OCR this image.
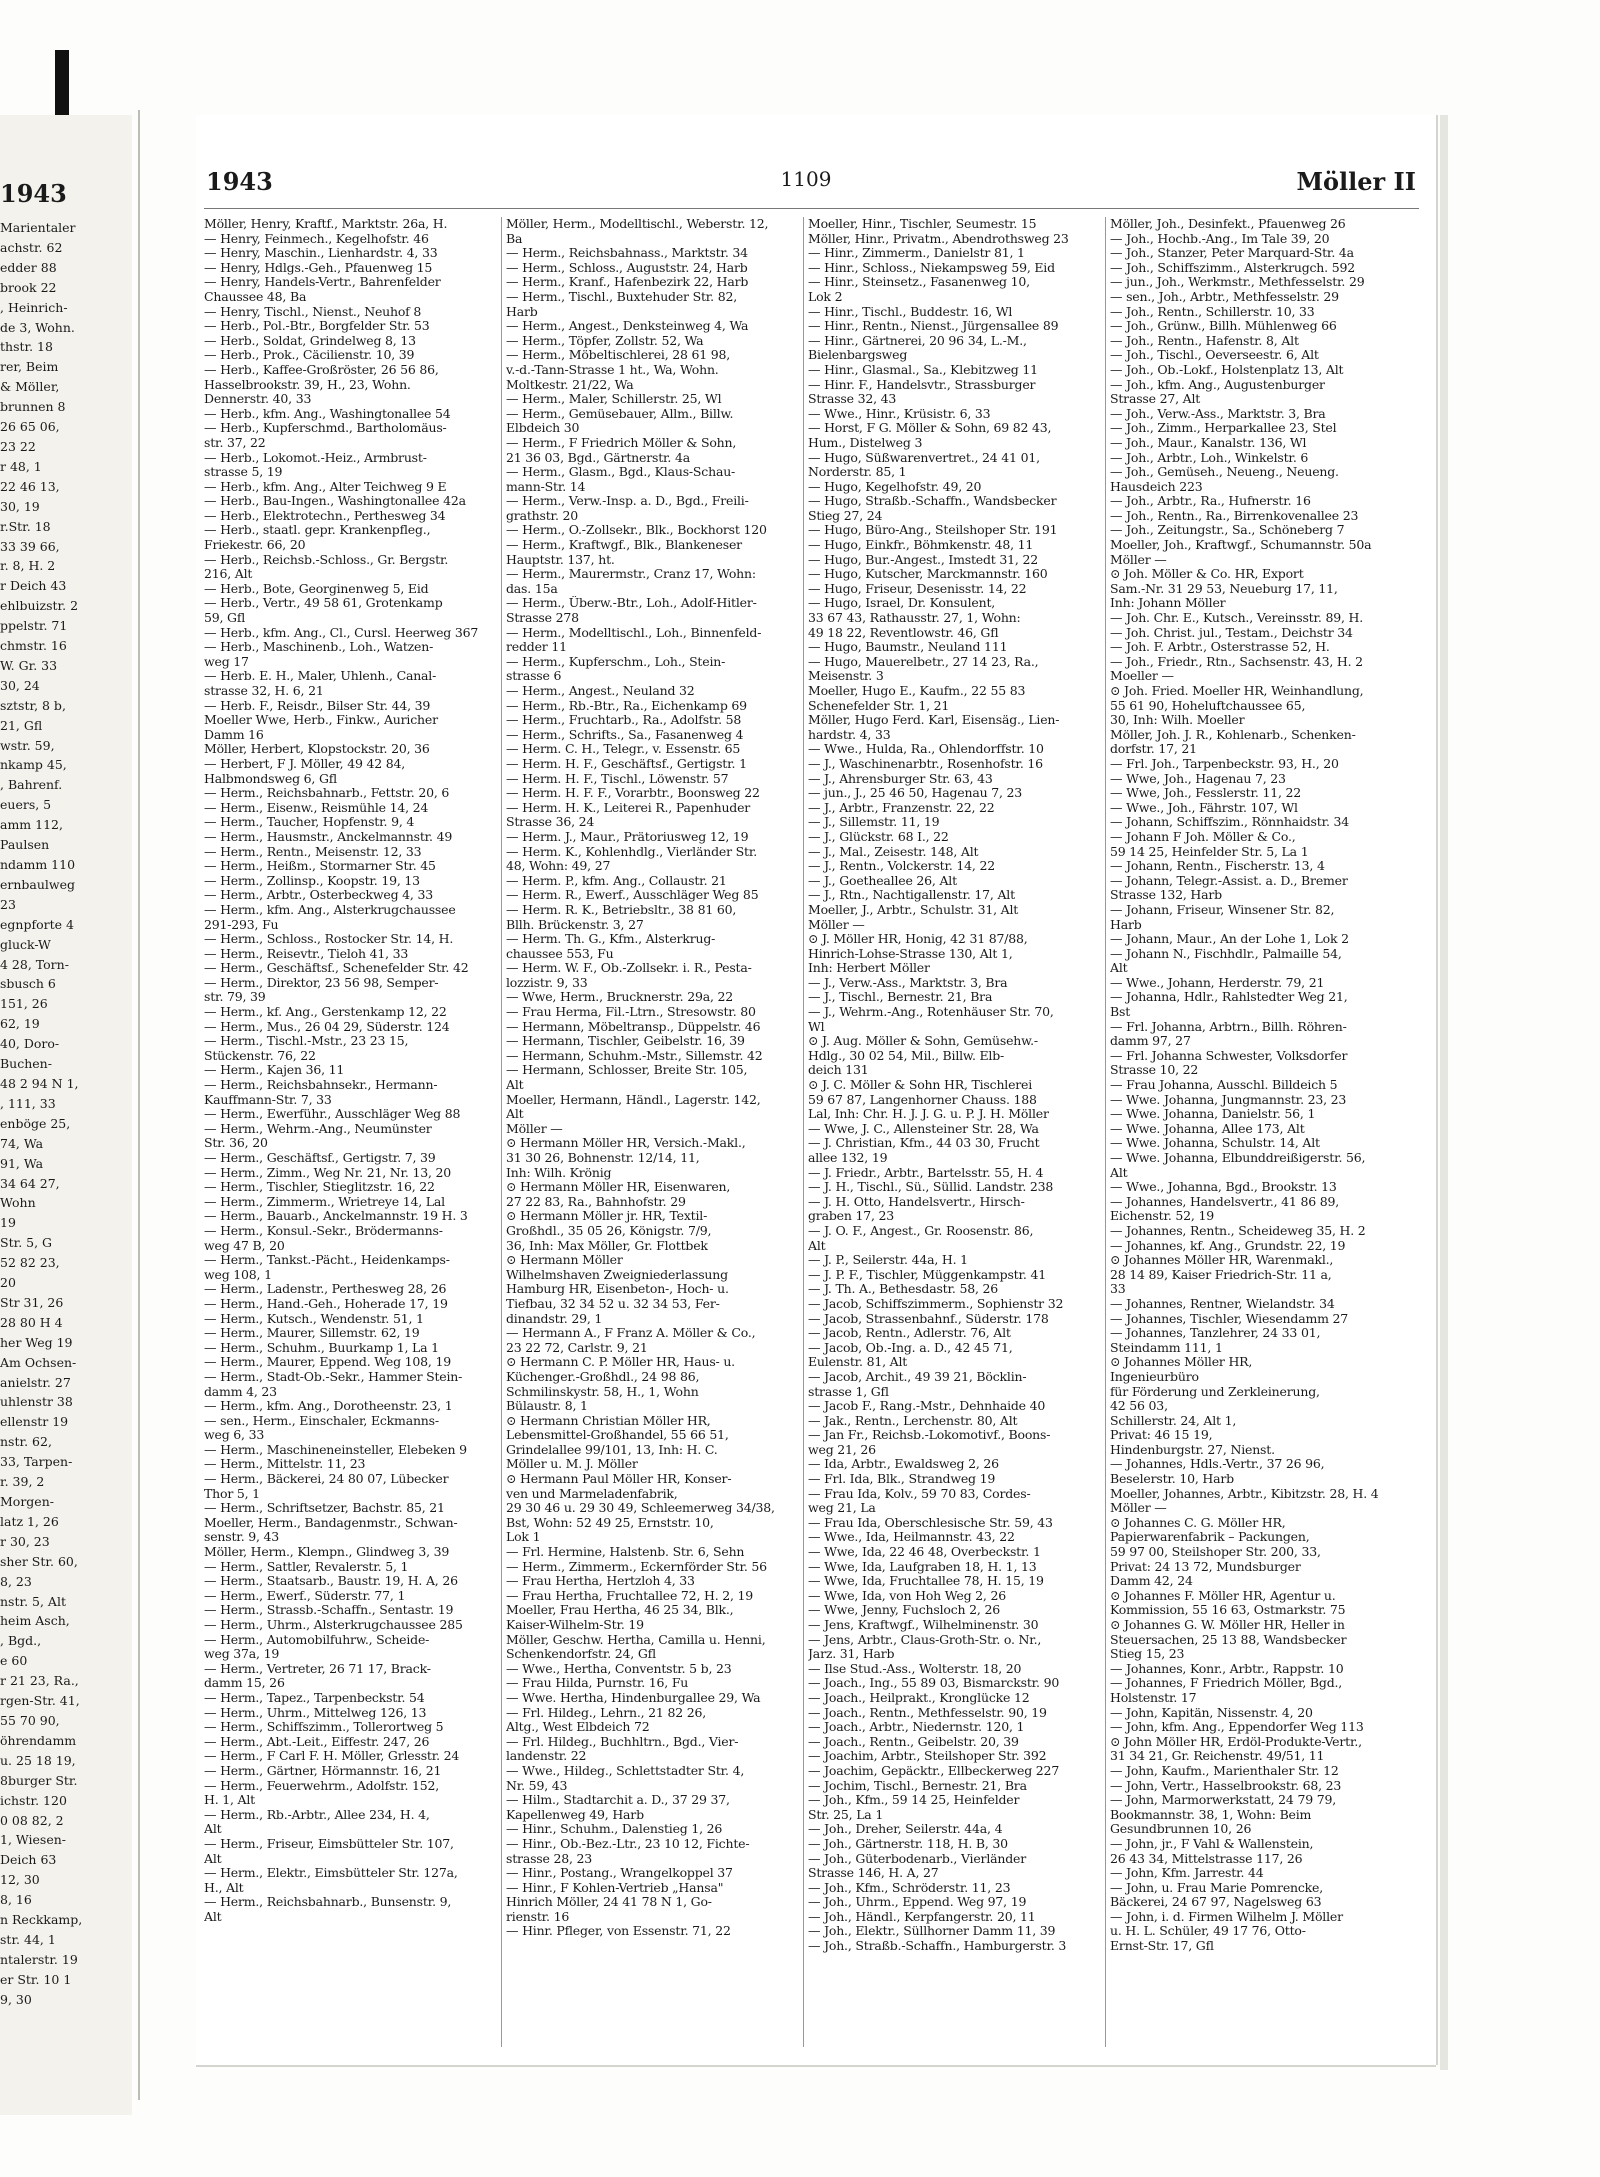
1943
Marientaler
achstr. 62
edder 88
brook 22
, Heinrich-
de 3, Wohn.
thstr. 18
rer, Beim
& Möller,
brunnen 8
26 65 06,
23 22
r 48, 1
22 46 13,
30, 19
r.Str. 18
33 39 66,
r. 8, H. 2
r Deich 43
ehlbuizstr. 2
ppelstr. 71
chmstr. 16
W. Gr. 33
30, 24
sztstr, 8 b,
21, Gfl
wstr. 59,
nkamp 45,
, Bahrenf.
euers, 5
amm 112,
Paulsen
ndamm 110
ernbaulweg
23
egnpforte 4
gluck-W
4 28, Torn-
sbusch 6
151, 26
62, 19
40, Doro-
Buchen-
48 2 94 N 1,
, 111, 33
enböge 25,
74, Wa
91, Wa
34 64 27,
Wohn
19
Str. 5, G
52 82 23,
20
Str 31, 26
28 80 H 4
her Weg 19
Am Ochsen-
anielstr. 27
uhlenstr 38
ellenstr 19
nstr. 62,
33, Tarpen-
r. 39, 2
Morgen-
latz 1, 26
r 30, 23
sher Str. 60,
8, 23
nstr. 5, Alt
heim Asch,
, Bgd.,
e 60
r 21 23, Ra.,
rgen-Str. 41,
55 70 90,
öhrendamm
u. 25 18 19,
8burger Str.
ichstr. 120
0 08 82, 2
1, Wiesen-
Deich 63
12, 30
8, 16
n Reckkamp,
str. 44, 1
ntalerstr. 19
er Str. 10 1
9, 30
1943	1109	Möller II
Möller, Henry, Kraftf., Marktstr. 26a, H.
— Henry, Feinmech., Kegelhofstr. 46
— Henry, Maschin., Lienhardstr. 4, 33
— Henry, Hdlgs.-Geh., Pfauenweg 15
— Henry, Handels-Vertr., Bahrenfelder
Chaussee 48, Ba
— Henry, Tischl., Nienst., Neuhof 8
— Herb., Pol.-Btr., Borgfelder Str. 53
— Herb., Soldat, Grindelweg 8, 13
— Herb., Prok., Cäcilienstr. 10, 39
— Herb., Kaffee-Großröster, 26 56 86,
Hasselbrookstr. 39, H., 23, Wohn.
Dennerstr. 40, 33
— Herb., kfm. Ang., Washingtonallee 54
— Herb., Kupferschmd., Bartholomäus-
str. 37, 22
— Herb., Lokomot.-Heiz., Armbrust-
strasse 5, 19
— Herb., kfm. Ang., Alter Teichweg 9 E
— Herb., Bau-Ingen., Washingtonallee 42a
— Herb., Elektrotechn., Perthesweg 34
— Herb., staatl. gepr. Krankenpfleg.,
Friekestr. 66, 20
— Herb., Reichsb.-Schloss., Gr. Bergstr.
216, Alt
— Herb., Bote, Georginenweg 5, Eid
— Herb., Vertr., 49 58 61, Grotenkamp
59, Gfl
— Herb., kfm. Ang., Cl., Cursl. Heerweg 367
— Herb., Maschinenb., Loh., Watzen-
weg 17
— Herb. E. H., Maler, Uhlenh., Canal-
strasse 32, H. 6, 21
— Herb. F., Reisdr., Bilser Str. 44, 39
Moeller Wwe, Herb., Finkw., Auricher
Damm 16
Möller, Herbert, Klopstockstr. 20, 36
— Herbert, F J. Möller, 49 42 84,
Halbmondsweg 6, Gfl
— Herm., Reichsbahnarb., Fettstr. 20, 6
— Herm., Eisenw., Reismühle 14, 24
— Herm., Taucher, Hopfenstr. 9, 4
— Herm., Hausmstr., Anckelmannstr. 49
— Herm., Rentn., Meisenstr. 12, 33
— Herm., Heißm., Stormarner Str. 45
— Herm., Zollinsp., Koopstr. 19, 13
— Herm., Arbtr., Osterbeckweg 4, 33
— Herm., kfm. Ang., Alsterkrugchaussee
291-293, Fu
— Herm., Schloss., Rostocker Str. 14, H.
— Herm., Reisevtr., Tieloh 41, 33
— Herm., Geschäftsf., Schenefelder Str. 42
— Herm., Direktor, 23 56 98, Semper-
str. 79, 39
— Herm., kf. Ang., Gerstenkamp 12, 22
— Herm., Mus., 26 04 29, Süderstr. 124
— Herm., Tischl.-Mstr., 23 23 15,
Stückenstr. 76, 22
— Herm., Kajen 36, 11
— Herm., Reichsbahnsekr., Hermann-
Kauffmann-Str. 7, 33
— Herm., Ewerführ., Ausschläger Weg 88
— Herm., Wehrm.-Ang., Neumünster
Str. 36, 20
— Herm., Geschäftsf., Gertigstr. 7, 39
— Herm., Zimm., Weg Nr. 21, Nr. 13, 20
— Herm., Tischler, Stieglitzstr. 16, 22
— Herm., Zimmerm., Wrietreye 14, Lal
— Herm., Bauarb., Anckelmannstr. 19 H. 3
— Herm., Konsul.-Sekr., Brödermanns-
weg 47 B, 20
— Herm., Tankst.-Pächt., Heidenkamps-
weg 108, 1
— Herm., Ladenstr., Perthesweg 28, 26
— Herm., Hand.-Geh., Hoherade 17, 19
— Herm., Kutsch., Wendenstr. 51, 1
— Herm., Maurer, Sillemstr. 62, 19
— Herm., Schuhm., Buurkamp 1, La 1
— Herm., Maurer, Eppend. Weg 108, 19
— Herm., Stadt-Ob.-Sekr., Hammer Stein-
damm 4, 23
— Herm., kfm. Ang., Dorotheenstr. 23, 1
— sen., Herm., Einschaler, Eckmanns-
weg 6, 33
— Herm., Maschineneinsteller, Elebeken 9
— Herm., Mittelstr. 11, 23
— Herm., Bäckerei, 24 80 07, Lübecker
Thor 5, 1
— Herm., Schriftsetzer, Bachstr. 85, 21
Moeller, Herm., Bandagenmstr., Schwan-
senstr. 9, 43
Möller, Herm., Klempn., Glindweg 3, 39
— Herm., Sattler, Revalerstr. 5, 1
— Herm., Staatsarb., Baustr. 19, H. A, 26
— Herm., Ewerf., Süderstr. 77, 1
— Herm., Strassb.-Schaffn., Sentastr. 19
— Herm., Uhrm., Alsterkrugchaussee 285
— Herm., Automobilfuhrw., Scheide-
weg 37a, 19
— Herm., Vertreter, 26 71 17, Brack-
damm 15, 26
— Herm., Tapez., Tarpenbeckstr. 54
— Herm., Uhrm., Mittelweg 126, 13
— Herm., Schiffszimm., Tollerortweg 5
— Herm., Abt.-Leit., Eiffestr. 247, 26
— Herm., F Carl F. H. Möller, Grlesstr. 24
— Herm., Gärtner, Hörmannstr. 16, 21
— Herm., Feuerwehrm., Adolfstr. 152,
H. 1, Alt
— Herm., Rb.-Arbtr., Allee 234, H. 4,
Alt
— Herm., Friseur, Eimsbütteler Str. 107,
Alt
— Herm., Elektr., Eimsbütteler Str. 127a,
H., Alt
— Herm., Reichsbahnarb., Bunsenstr. 9,
Alt
Möller, Herm., Modelltischl., Weberstr. 12,
Ba
— Herm., Reichsbahnass., Marktstr. 34
— Herm., Schloss., Auguststr. 24, Harb
— Herm., Kranf., Hafenbezirk 22, Harb
— Herm., Tischl., Buxtehuder Str. 82,
Harb
— Herm., Angest., Denksteinweg 4, Wa
— Herm., Töpfer, Zollstr. 52, Wa
— Herm., Möbeltischlerei, 28 61 98,
v.-d.-Tann-Strasse 1 ht., Wa, Wohn.
Moltkestr. 21/22, Wa
— Herm., Maler, Schillerstr. 25, Wl
— Herm., Gemüsebauer, Allm., Billw.
Elbdeich 30
— Herm., F Friedrich Möller & Sohn,
21 36 03, Bgd., Gärtnerstr. 4a
— Herm., Glasm., Bgd., Klaus-Schau-
mann-Str. 14
— Herm., Verw.-Insp. a. D., Bgd., Freili-
grathstr. 20
— Herm., O.-Zollsekr., Blk., Bockhorst 120
— Herm., Kraftwgf., Blk., Blankeneser
Hauptstr. 137, ht.
— Herm., Maurermstr., Cranz 17, Wohn:
das. 15a
— Herm., Überw.-Btr., Loh., Adolf-Hitler-
Strasse 278
— Herm., Modelltischl., Loh., Binnenfeld-
redder 11
— Herm., Kupferschm., Loh., Stein-
strasse 6
— Herm., Angest., Neuland 32
— Herm., Rb.-Btr., Ra., Eichenkamp 69
— Herm., Fruchtarb., Ra., Adolfstr. 58
— Herm., Schrifts., Sa., Fasanenweg 4
— Herm. C. H., Telegr., v. Essenstr. 65
— Herm. H. F., Geschäftsf., Gertigstr. 1
— Herm. H. F., Tischl., Löwenstr. 57
— Herm. H. F. F., Vorarbtr., Boonsweg 22
— Herm. H. K., Leiterei R., Papenhuder
Strasse 36, 24
— Herm. J., Maur., Prätoriusweg 12, 19
— Herm. K., Kohlenhdlg., Vierländer Str.
48, Wohn: 49, 27
— Herm. P., kfm. Ang., Collaustr. 21
— Herm. R., Ewerf., Ausschläger Weg 85
— Herm. R. K., Betriebsltr., 38 81 60,
Bllh. Brückenstr. 3, 27
— Herm. Th. G., Kfm., Alsterkrug-
chaussee 553, Fu
— Herm. W. F., Ob.-Zollsekr. i. R., Pesta-
lozzistr. 9, 33
— Wwe, Herm., Brucknerstr. 29a, 22
— Frau Herma, Fil.-Ltrn., Stresowstr. 80
— Hermann, Möbeltransp., Düppelstr. 46
— Hermann, Tischler, Geibelstr. 16, 39
— Hermann, Schuhm.-Mstr., Sillemstr. 42
— Hermann, Schlosser, Breite Str. 105,
Alt
Moeller, Hermann, Händl., Lagerstr. 142,
Alt
Möller —
⊙ Hermann Möller HR, Versich.-Makl.,
31 30 26, Bohnenstr. 12/14, 11,
Inh: Wilh. Krönig
⊙ Hermann Möller HR, Eisenwaren,
27 22 83, Ra., Bahnhofstr. 29
⊙ Hermann Möller jr. HR, Textil-
Großhdl., 35 05 26, Königstr. 7/9,
36, Inh: Max Möller, Gr. Flottbek
⊙ Hermann Möller
Wilhelmshaven Zweigniederlassung
Hamburg HR, Eisenbeton-, Hoch- u.
Tiefbau, 32 34 52 u. 32 34 53, Fer-
dinandstr. 29, 1
— Hermann A., F Franz A. Möller & Co.,
23 22 72, Carlstr. 9, 21
⊙ Hermann C. P. Möller HR, Haus- u.
Küchenger.-Großhdl., 24 98 86,
Schmilinskystr. 58, H., 1, Wohn
Bülaustr. 8, 1
⊙ Hermann Christian Möller HR,
Lebensmittel-Großhandel, 55 66 51,
Grindelallee 99/101, 13, Inh: H. C.
Möller u. M. J. Möller
⊙ Hermann Paul Möller HR, Konser-
ven und Marmeladenfabrik,
29 30 46 u. 29 30 49, Schleemerweg 34/38,
Bst, Wohn: 52 49 25, Ernststr. 10,
Lok 1
— Frl. Hermine, Halstenb. Str. 6, Sehn
— Herm., Zimmerm., Eckernförder Str. 56
— Frau Hertha, Hertzloh 4, 33
— Frau Hertha, Fruchtallee 72, H. 2, 19
Moeller, Frau Hertha, 46 25 34, Blk.,
Kaiser-Wilhelm-Str. 19
Möller, Geschw. Hertha, Camilla u. Henni,
Schenkendorfstr. 24, Gfl
— Wwe., Hertha, Conventstr. 5 b, 23
— Frau Hilda, Purnstr. 16, Fu
— Wwe. Hertha, Hindenburgallee 29, Wa
— Frl. Hildeg., Lehrn., 21 82 26,
Altg., West Elbdeich 72
— Frl. Hildeg., Buchhltrn., Bgd., Vier-
landenstr. 22
— Wwe., Hildeg., Schlettstadter Str. 4,
Nr. 59, 43
— Hilm., Stadtarchit a. D., 37 29 37,
Kapellenweg 49, Harb
— Hinr., Schuhm., Dalenstieg 1, 26
— Hinr., Ob.-Bez.-Ltr., 23 10 12, Fichte-
strasse 28, 23
— Hinr., Postang., Wrangelkoppel 37
— Hinr., F Kohlen-Vertrieb „Hansa"
Hinrich Möller, 24 41 78 N 1, Go-
rienstr. 16
— Hinr. Pfleger, von Essenstr. 71, 22
Moeller, Hinr., Tischler, Seumestr. 15
Möller, Hinr., Privatm., Abendrothsweg 23
— Hinr., Zimmerm., Danielstr 81, 1
— Hinr., Schloss., Niekampsweg 59, Eid
— Hinr., Steinsetz., Fasanenweg 10,
Lok 2
— Hinr., Tischl., Buddestr. 16, Wl
— Hinr., Rentn., Nienst., Jürgensallee 89
— Hinr., Gärtnerei, 20 96 34, L.-M.,
Bielenbargsweg
— Hinr., Glasmal., Sa., Klebitzweg 11
— Hinr. F., Handelsvtr., Strassburger
Strasse 32, 43
— Wwe., Hinr., Krüsistr. 6, 33
— Horst, F G. Möller & Sohn, 69 82 43,
Hum., Distelweg 3
— Hugo, Süßwarenvertret., 24 41 01,
Norderstr. 85, 1
— Hugo, Kegelhofstr. 49, 20
— Hugo, Straßb.-Schaffn., Wandsbecker
Stieg 27, 24
— Hugo, Büro-Ang., Steilshoper Str. 191
— Hugo, Einkfr., Böhmkenstr. 48, 11
— Hugo, Bur.-Angest., Imstedt 31, 22
— Hugo, Kutscher, Marckmannstr. 160
— Hugo, Friseur, Desenisstr. 14, 22
— Hugo, Israel, Dr. Konsulent,
33 67 43, Rathausstr. 27, 1, Wohn:
49 18 22, Reventlowstr. 46, Gfl
— Hugo, Baumstr., Neuland 111
— Hugo, Mauerelbetr., 27 14 23, Ra.,
Meisenstr. 3
Moeller, Hugo E., Kaufm., 22 55 83
Schenefelder Str. 1, 21
Möller, Hugo Ferd. Karl, Eisensäg., Lien-
hardstr. 4, 33
— Wwe., Hulda, Ra., Ohlendorffstr. 10
— J., Waschinenarbtr., Rosenhofstr. 16
— J., Ahrensburger Str. 63, 43
— jun., J., 25 46 50, Hagenau 7, 23
— J., Arbtr., Franzenstr. 22, 22
— J., Sillemstr. 11, 19
— J., Glückstr. 68 I., 22
— J., Mal., Zeisestr. 148, Alt
— J., Rentn., Volckerstr. 14, 22
— J., Goetheallee 26, Alt
— J., Rtn., Nachtigallenstr. 17, Alt
Moeller, J., Arbtr., Schulstr. 31, Alt
Möller —
⊙ J. Möller HR, Honig, 42 31 87/88,
Hinrich-Lohse-Strasse 130, Alt 1,
Inh: Herbert Möller
— J., Verw.-Ass., Marktstr. 3, Bra
— J., Tischl., Bernestr. 21, Bra
— J., Wehrm.-Ang., Rotenhäuser Str. 70,
Wl
⊙ J. Aug. Möller & Sohn, Gemüsehw.-
Hdlg., 30 02 54, Mil., Billw. Elb-
deich 131
⊙ J. C. Möller & Sohn HR, Tischlerei
59 67 87, Langenhorner Chauss. 188
Lal, Inh: Chr. H. J. J. G. u. P. J. H. Möller
— Wwe, J. C., Allensteiner Str. 28, Wa
— J. Christian, Kfm., 44 03 30, Frucht
allee 132, 19
— J. Friedr., Arbtr., Bartelsstr. 55, H. 4
— J. H., Tischl., Sü., Süllid. Landstr. 238
— J. H. Otto, Handelsvertr., Hirsch-
graben 17, 23
— J. O. F., Angest., Gr. Roosenstr. 86,
Alt
— J. P., Seilerstr. 44a, H. 1
— J. P. F., Tischler, Müggenkampstr. 41
— J. Th. A., Bethesdastr. 58, 26
— Jacob, Schiffszimmerm., Sophienstr 32
— Jacob, Strassenbahnf., Süderstr. 178
— Jacob, Rentn., Adlerstr. 76, Alt
— Jacob, Ob.-Ing. a. D., 42 45 71,
Eulenstr. 81, Alt
— Jacob, Archit., 49 39 21, Böcklin-
strasse 1, Gfl
— Jacob F., Rang.-Mstr., Dehnhaide 40
— Jak., Rentn., Lerchenstr. 80, Alt
— Jan Fr., Reichsb.-Lokomotivf., Boons-
weg 21, 26
— Ida, Arbtr., Ewaldsweg 2, 26
— Frl. Ida, Blk., Strandweg 19
— Frau Ida, Kolv., 59 70 83, Cordes-
weg 21, La
— Frau Ida, Oberschlesische Str. 59, 43
— Wwe., Ida, Heilmannstr. 43, 22
— Wwe, Ida, 22 46 48, Overbeckstr. 1
— Wwe, Ida, Laufgraben 18, H. 1, 13
— Wwe, Ida, Fruchtallee 78, H. 15, 19
— Wwe, Ida, von Hoh Weg 2, 26
— Wwe, Jenny, Fuchsloch 2, 26
— Jens, Kraftwgf., Wilhelminenstr. 30
— Jens, Arbtr., Claus-Groth-Str. o. Nr.,
Jarz. 31, Harb
— Ilse Stud.-Ass., Wolterstr. 18, 20
— Joach., Ing., 55 89 03, Bismarckstr. 90
— Joach., Heilprakt., Kronglücke 12
— Joach., Rentn., Methfesselstr. 90, 19
— Joach., Arbtr., Niedernstr. 120, 1
— Joach., Rentn., Geibelstr. 20, 39
— Joachim, Arbtr., Steilshoper Str. 392
— Joachim, Gepäcktr., Ellbeckerweg 227
— Jochim, Tischl., Bernestr. 21, Bra
— Joh., Kfm., 59 14 25, Heinfelder
Str. 25, La 1
— Joh., Dreher, Seilerstr. 44a, 4
— Joh., Gärtnerstr. 118, H. B, 30
— Joh., Güterbodenarb., Vierländer
Strasse 146, H. A, 27
— Joh., Kfm., Schröderstr. 11, 23
— Joh., Uhrm., Eppend. Weg 97, 19
— Joh., Händl., Kerpfangerstr. 20, 11
— Joh., Elektr., Süllhorner Damm 11, 39
— Joh., Straßb.-Schaffn., Hamburgerstr. 3
Möller, Joh., Desinfekt., Pfauenweg 26
— Joh., Hochb.-Ang., Im Tale 39, 20
— Joh., Stanzer, Peter Marquard-Str. 4a
— Joh., Schiffszimm., Alsterkrugch. 592
— jun., Joh., Werkmstr., Methfesselstr. 29
— sen., Joh., Arbtr., Methfesselstr. 29
— Joh., Rentn., Schillerstr. 10, 33
— Joh., Grünw., Billh. Mühlenweg 66
— Joh., Rentn., Hafenstr. 8, Alt
— Joh., Tischl., Oeverseestr. 6, Alt
— Joh., Ob.-Lokf., Holstenplatz 13, Alt
— Joh., kfm. Ang., Augustenburger
Strasse 27, Alt
— Joh., Verw.-Ass., Marktstr. 3, Bra
— Joh., Zimm., Herparkallee 23, Stel
— Joh., Maur., Kanalstr. 136, Wl
— Joh., Arbtr., Loh., Winkelstr. 6
— Joh., Gemüseh., Neueng., Neueng.
Hausdeich 223
— Joh., Arbtr., Ra., Hufnerstr. 16
— Joh., Rentn., Ra., Birrenkovenallee 23
— Joh., Zeitungstr., Sa., Schöneberg 7
Moeller, Joh., Kraftwgf., Schumannstr. 50a
Möller —
⊙ Joh. Möller & Co. HR, Export
Sam.-Nr. 31 29 53, Neueburg 17, 11,
Inh: Johann Möller
— Joh. Chr. E., Kutsch., Vereinsstr. 89, H.
— Joh. Christ. jul., Testam., Deichstr 34
— Joh. F. Arbtr., Osterstrasse 52, H.
— Joh., Friedr., Rtn., Sachsenstr. 43, H. 2
Moeller —
⊙ Joh. Fried. Moeller HR, Weinhandlung,
55 61 90, Hoheluftchaussee 65,
30, Inh: Wilh. Moeller
Möller, Joh. J. R., Kohlenarb., Schenken-
dorfstr. 17, 21
— Frl. Joh., Tarpenbeckstr. 93, H., 20
— Wwe, Joh., Hagenau 7, 23
— Wwe, Joh., Fesslerstr. 11, 22
— Wwe., Joh., Fährstr. 107, Wl
— Johann, Schiffszim., Rönnhaidstr. 34
— Johann F Joh. Möller & Co.,
59 14 25, Heinfelder Str. 5, La 1
— Johann, Rentn., Fischerstr. 13, 4
— Johann, Telegr.-Assist. a. D., Bremer
Strasse 132, Harb
— Johann, Friseur, Winsener Str. 82,
Harb
— Johann, Maur., An der Lohe 1, Lok 2
— Johann N., Fischhdlr., Palmaille 54,
Alt
— Wwe., Johann, Herderstr. 79, 21
— Johanna, Hdlr., Rahlstedter Weg 21,
Bst
— Frl. Johanna, Arbtrn., Billh. Röhren-
damm 97, 27
— Frl. Johanna Schwester, Volksdorfer
Strasse 10, 22
— Frau Johanna, Ausschl. Billdeich 5
— Wwe. Johanna, Jungmannstr. 23, 23
— Wwe. Johanna, Danielstr. 56, 1
— Wwe. Johanna, Allee 173, Alt
— Wwe. Johanna, Schulstr. 14, Alt
— Wwe. Johanna, Elbunddreißigerstr. 56,
Alt
— Wwe., Johanna, Bgd., Brookstr. 13
— Johannes, Handelsvertr., 41 86 89,
Eichenstr. 52, 19
— Johannes, Rentn., Scheideweg 35, H. 2
— Johannes, kf. Ang., Grundstr. 22, 19
⊙ Johannes Möller HR, Warenmakl.,
28 14 89, Kaiser Friedrich-Str. 11 a,
33
— Johannes, Rentner, Wielandstr. 34
— Johannes, Tischler, Wiesendamm 27
— Johannes, Tanzlehrer, 24 33 01,
Steindamm 111, 1
⊙ Johannes Möller HR,
Ingenieurbüro
für Förderung und Zerkleinerung,
42 56 03,
Schillerstr. 24, Alt 1,
Privat: 46 15 19,
Hindenburgstr. 27, Nienst.
— Johannes, Hdls.-Vertr., 37 26 96,
Beselerstr. 10, Harb
Moeller, Johannes, Arbtr., Kibitzstr. 28, H. 4
Möller —
⊙ Johannes C. G. Möller HR,
Papierwarenfabrik – Packungen,
59 97 00, Steilshoper Str. 200, 33,
Privat: 24 13 72, Mundsburger
Damm 42, 24
⊙ Johannes F. Möller HR, Agentur u.
Kommission, 55 16 63, Ostmarkstr. 75
⊙ Johannes G. W. Möller HR, Heller in
Steuersachen, 25 13 88, Wandsbecker
Stieg 15, 23
— Johannes, Konr., Arbtr., Rappstr. 10
— Johannes, F Friedrich Möller, Bgd.,
Holstenstr. 17
— John, Kapitän, Nissenstr. 4, 20
— John, kfm. Ang., Eppendorfer Weg 113
⊙ John Möller HR, Erdöl-Produkte-Vertr.,
31 34 21, Gr. Reichenstr. 49/51, 11
— John, Kaufm., Marienthaler Str. 12
— John, Vertr., Hasselbrookstr. 68, 23
— John, Marmorwerkstatt, 24 79 79,
Bookmannstr. 38, 1, Wohn: Beim
Gesundbrunnen 10, 26
— John, jr., F Vahl & Wallenstein,
26 43 34, Mittelstrasse 117, 26
— John, Kfm. Jarrestr. 44
— John, u. Frau Marie Pomrencke,
Bäckerei, 24 67 97, Nagelsweg 63
— John, i. d. Firmen Wilhelm J. Möller
u. H. L. Schüler, 49 17 76, Otto-
Ernst-Str. 17, Gfl
